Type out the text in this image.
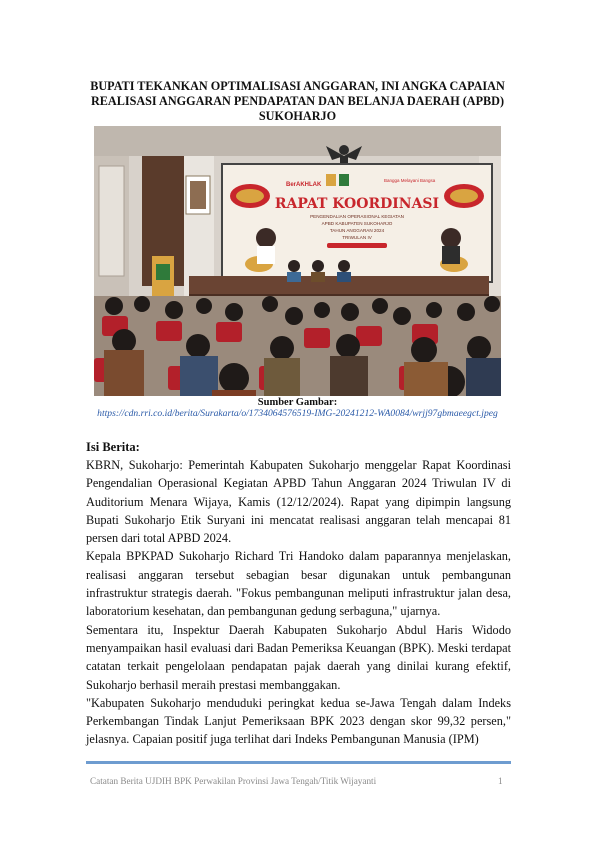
BUPATI TEKANKAN OPTIMALISASI ANGGARAN, INI ANGKA CAPAIAN REALISASI ANGGARAN PENDAPATAN DAN BELANJA DAERAH (APBD) SUKOHARJO
BerAKHLAK
Bangga Melayani Bangsa
RAPAT KOORDINASI
PENGENDALIAN OPERASIONAL KEGIATAN
APBD KABUPATEN SUKOHARJO
TAHUN ANGGARAN 2024
TRIWULAN IV
Sumber Gambar:
https://cdn.rri.co.id/berita/Surakarta/o/1734064576519-IMG-20241212-WA0084/wrjj97gbmaeegct.jpeg
Isi Berita:

KBRN, Sukoharjo: Pemerintah Kabupaten Sukoharjo menggelar Rapat Koordinasi Pengendalian Operasional Kegiatan APBD Tahun Anggaran 2024 Triwulan IV di Auditorium Menara Wijaya, Kamis (12/12/2024). Rapat yang dipimpin langsung Bupati Sukoharjo Etik Suryani ini mencatat realisasi anggaran telah mencapai 81 persen dari total APBD 2024.

Kepala BPKPAD Sukoharjo Richard Tri Handoko dalam paparannya menjelaskan, realisasi anggaran tersebut sebagian besar digunakan untuk pembangunan infrastruktur strategis daerah. "Fokus pembangunan meliputi infrastruktur jalan desa, laboratorium kesehatan, dan pembangunan gedung serbaguna," ujarnya.

Sementara itu, Inspektur Daerah Kabupaten Sukoharjo Abdul Haris Widodo menyampaikan hasil evaluasi dari Badan Pemeriksa Keuangan (BPK). Meski terdapat catatan terkait pengelolaan pendapatan pajak daerah yang dinilai kurang efektif, Sukoharjo berhasil meraih prestasi membanggakan.

"Kabupaten Sukoharjo menduduki peringkat kedua se-Jawa Tengah dalam Indeks Perkembangan Tindak Lanjut Pemeriksaan BPK 2023 dengan skor 99,32 persen," jelasnya. Capaian positif juga terlihat dari Indeks Pembangunan Manusia (IPM)

Catatan Berita UJDIH BPK Perwakilan Provinsi Jawa Tengah/Titik Wijayanti	1
